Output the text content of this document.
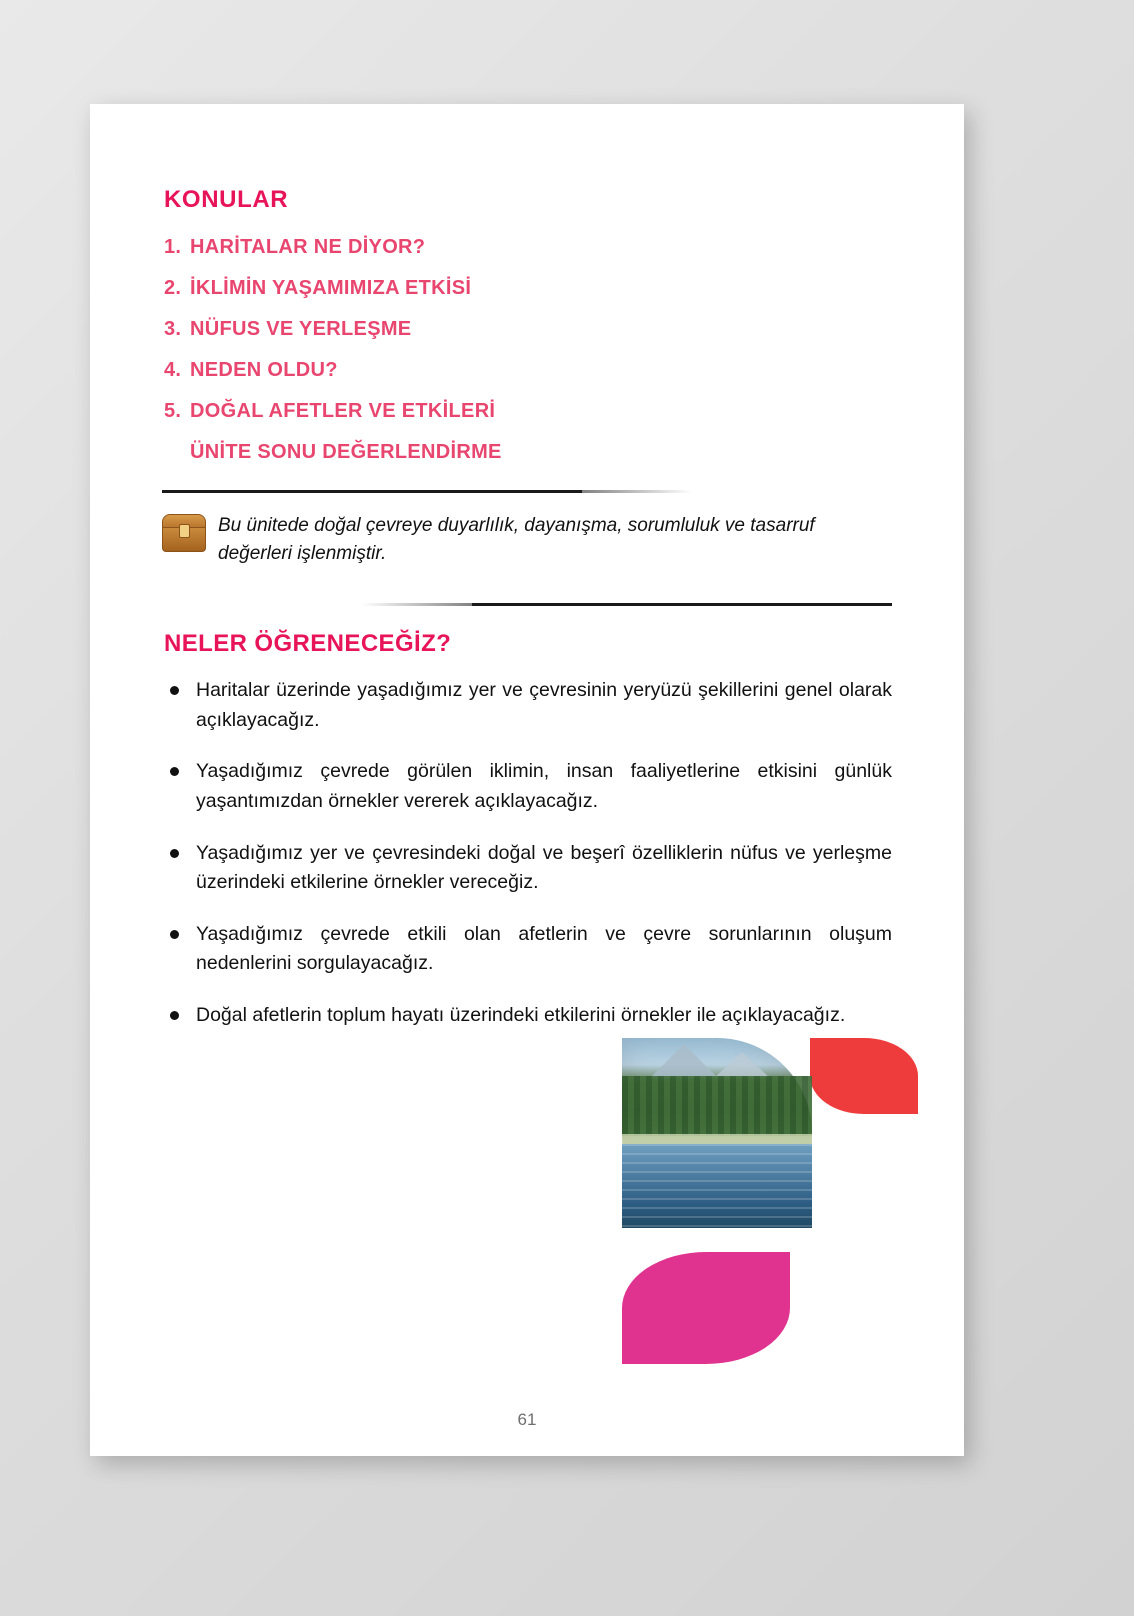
KONULAR
1. HARİTALAR NE DİYOR?
2. İKLİMİN YAŞAMIMIZA ETKİSİ
3. NÜFUS VE YERLEŞME
4. NEDEN OLDU?
5. DOĞAL AFETLER VE ETKİLERİ
ÜNİTE SONU DEĞERLENDİRME
Bu ünitede doğal çevreye duyarlılık, dayanışma, sorumluluk ve tasarruf değerleri işlenmiştir.
NELER ÖĞRENECEĞİZ?
Haritalar üzerinde yaşadığımız yer ve çevresinin yeryüzü şekillerini genel olarak açıklayacağız.
Yaşadığımız çevrede görülen iklimin, insan faaliyetlerine etkisini günlük yaşantımızdan örnekler vererek açıklayacağız.
Yaşadığımız yer ve çevresindeki doğal ve beşerî özelliklerin nüfus ve yerleşme üzerindeki etkilerine örnekler vereceğiz.
Yaşadığımız çevrede etkili olan afetlerin ve çevre sorunlarının oluşum nedenlerini sorgulayacağız.
Doğal afetlerin toplum hayatı üzerindeki etkilerini örnekler ile açıklayacağız.
61
